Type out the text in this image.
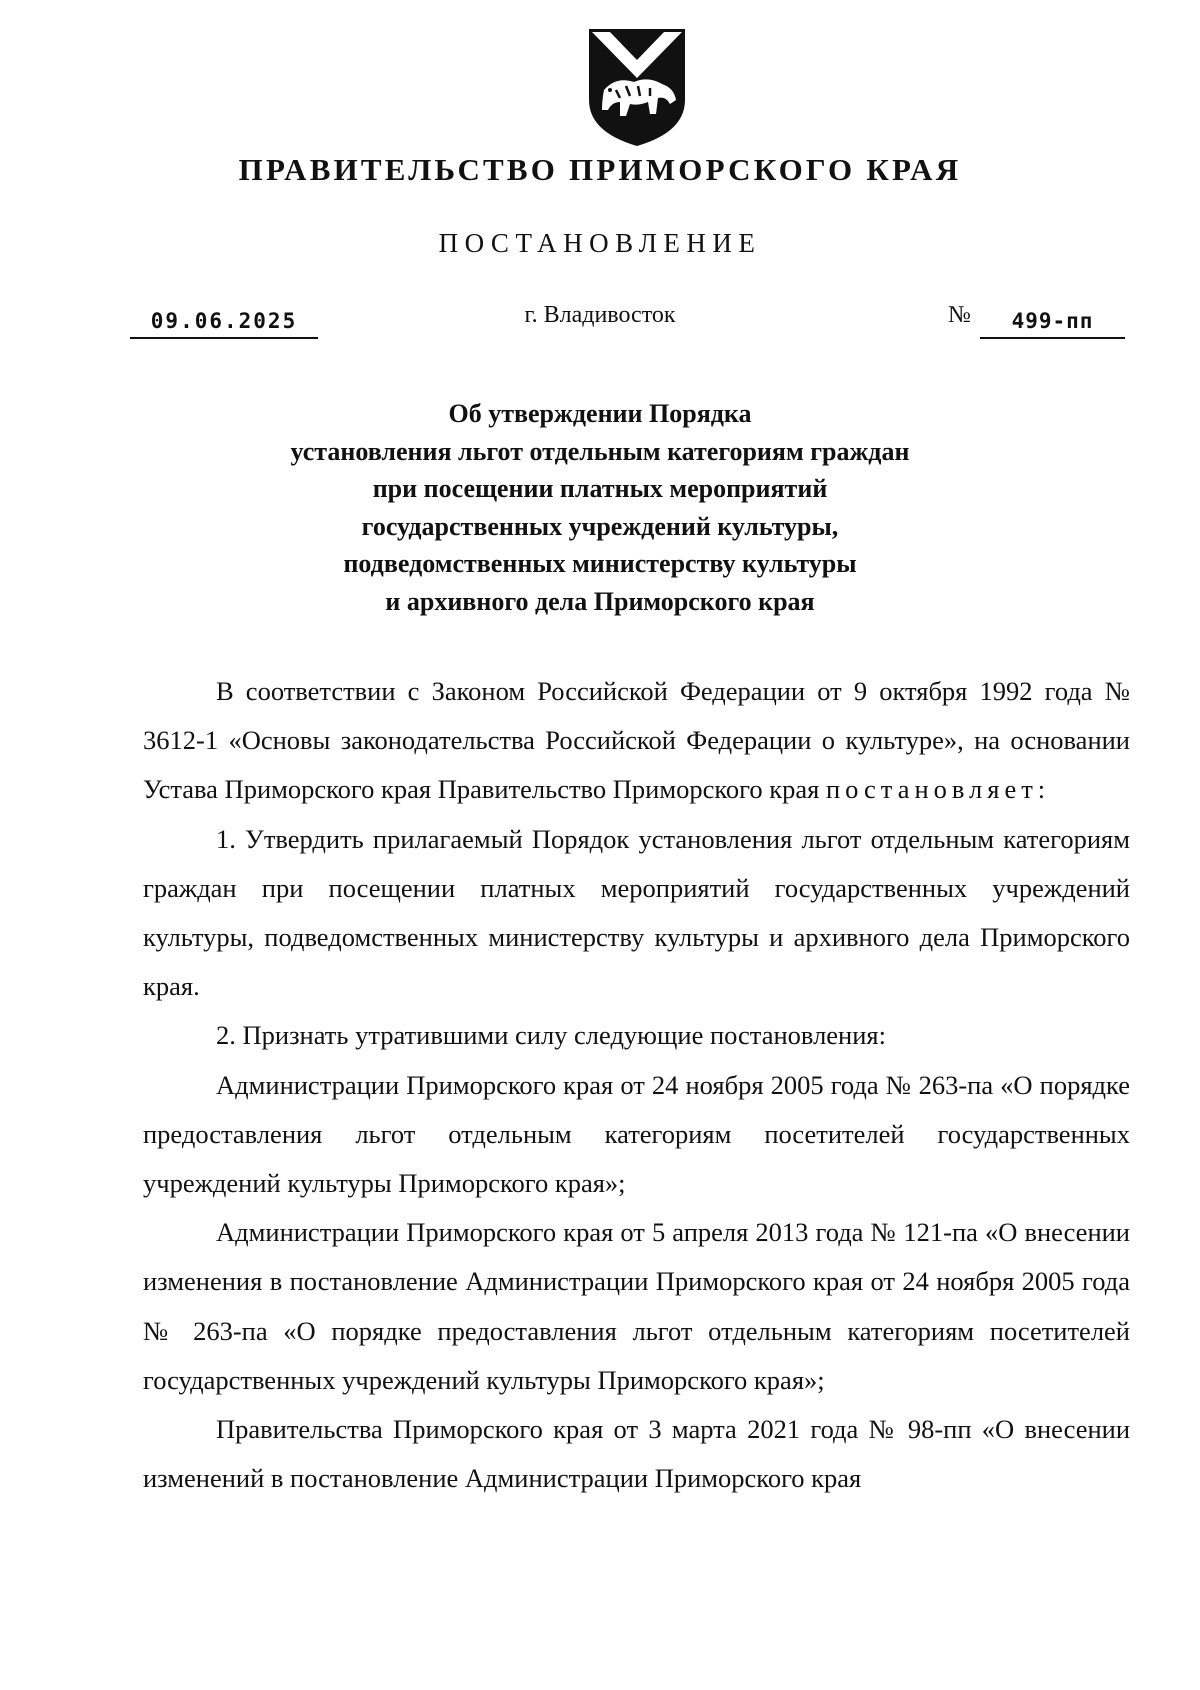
ПРАВИТЕЛЬСТВО ПРИМОРСКОГО КРАЯ
ПОСТАНОВЛЕНИЕ
09.06.2025	г. Владивосток	№	499-пп
Об утверждении Порядка
установления льгот отдельным категориям граждан
при посещении платных мероприятий
государственных учреждений культуры,
подведомственных министерству культуры
и архивного дела Приморского края

В соответствии с Законом Российской Федерации от 9 октября 1992 года № 3612-1 «Основы законодательства Российской Федерации о культуре», на основании Устава Приморского края Правительство Приморского края постановляет:

1. Утвердить прилагаемый Порядок установления льгот отдельным категориям граждан при посещении платных мероприятий государственных учреждений культуры, подведомственных министерству культуры и архивного дела Приморского края.

2. Признать утратившими силу следующие постановления:

Администрации Приморского края от 24 ноября 2005 года № 263-па «О порядке предоставления льгот отдельным категориям посетителей государственных учреждений культуры Приморского края»;

Администрации Приморского края от 5 апреля 2013 года № 121-па «О внесении изменения в постановление Администрации Приморского края от 24 ноября 2005 года № 263-па «О порядке предоставления льгот отдельным категориям посетителей государственных учреждений культуры Приморского края»;

Правительства Приморского края от 3 марта 2021 года № 98-пп «О внесении изменений в постановление Администрации Приморского края
